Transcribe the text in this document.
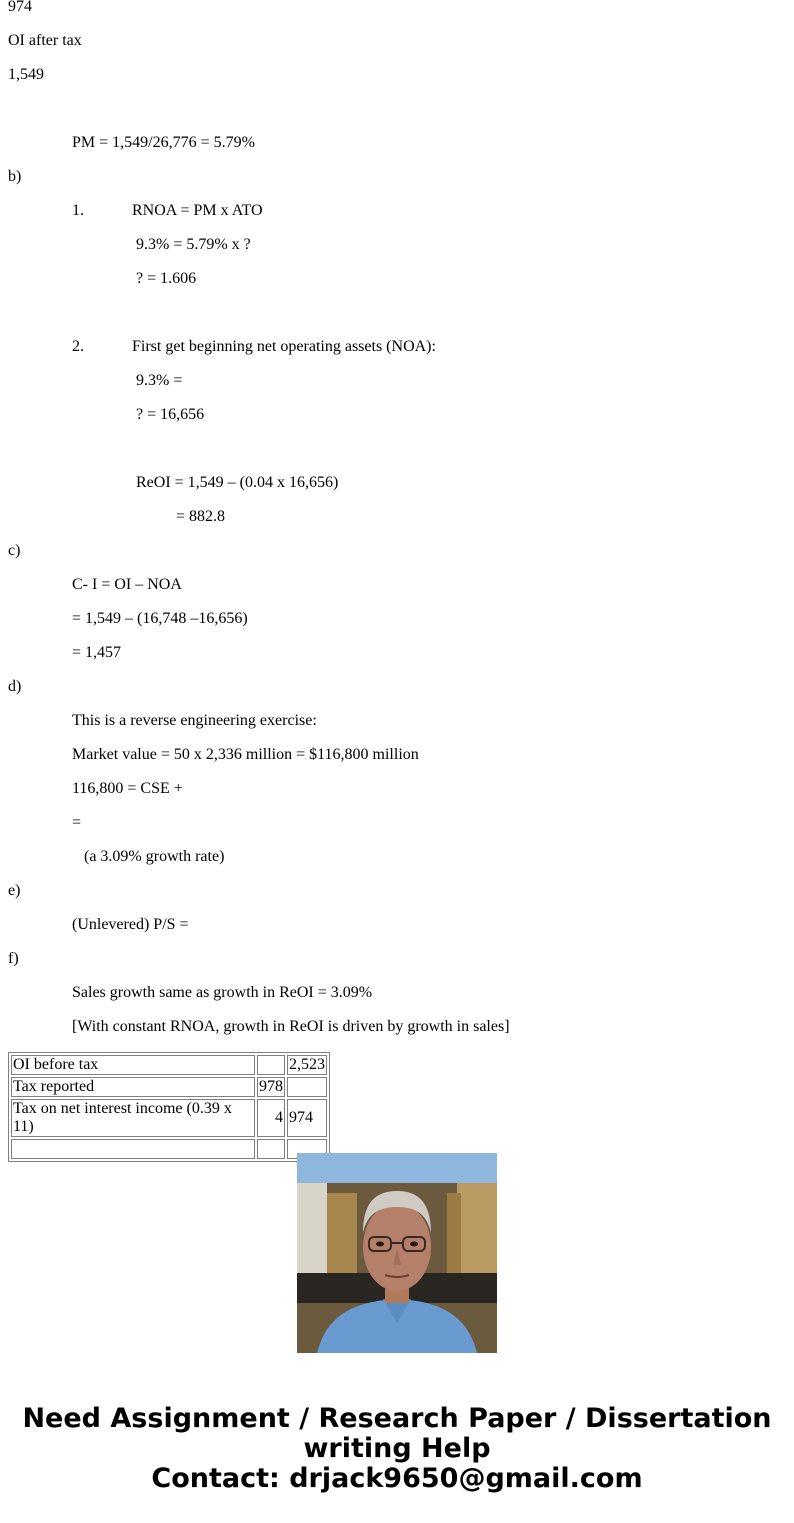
974
OI after tax
1,549
PM = 1,549/26,776 = 5.79%
b)
1.	RNOA = PM x ATO
9.3% = 5.79% x ?
? = 1.606
2.	First get beginning net operating assets (NOA):
9.3% =
? = 16,656
ReOI = 1,549 – (0.04 x 16,656)
= 882.8
c)
C- I = OI – NOA
= 1,549 – (16,748 –16,656)
= 1,457
d)
This is a reverse engineering exercise:
Market value = 50 x 2,336 million = $116,800 million
116,800 = CSE +
=
(a 3.09% growth rate)
e)
(Unlevered) P/S =
f)
Sales growth same as growth in ReOI = 3.09%
[With constant RNOA, growth in ReOI is driven by growth in sales]
OI before tax		2,523
Tax reported	978	
Tax on net interest income (0.39 x 11)	4	974

Need Assignment / Research Paper / Dissertation
writing Help
Contact: drjack9650@gmail.com
